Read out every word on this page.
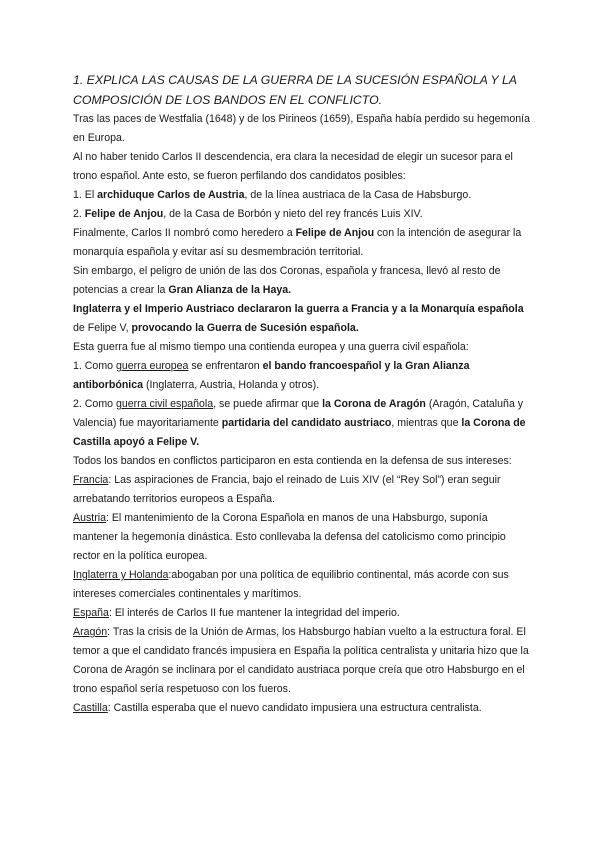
1. EXPLICA LAS CAUSAS DE LA GUERRA DE LA SUCESIÓN ESPAÑOLA Y LA COMPOSICIÓN DE LOS BANDOS EN EL CONFLICTO.

Tras las paces de Westfalia (1648) y de los Pirineos (1659), España había perdido su hegemonía en Europa.

Al no haber tenido Carlos II descendencia, era clara la necesidad de elegir un sucesor para el trono español. Ante esto, se fueron perfilando dos candidatos posibles:

1. El archiduque Carlos de Austria, de la línea austriaca de la Casa de Habsburgo.

2. Felipe de Anjou, de la Casa de Borbón y nieto del rey francés Luis XIV.

Finalmente, Carlos II nombró como heredero a Felipe de Anjou con la intención de asegurar la monarquía española y evitar así su desmembración territorial.

Sin embargo, el peligro de unión de las dos Coronas, española y francesa, llevó al resto de potencias a crear la Gran Alianza de la Haya.

Inglaterra y el Imperio Austriaco declararon la guerra a Francia y a la Monarquía española de Felipe V, provocando la Guerra de Sucesión española.

Esta guerra fue al mismo tiempo una contienda europea y una guerra civil española:

1. Como guerra europea se enfrentaron el bando francoespañol y la Gran Alianza antiborbónica (Inglaterra, Austria, Holanda y otros).

2. Como guerra civil española, se puede afirmar que la Corona de Aragón (Aragón, Cataluña y Valencia) fue mayoritariamente partidaria del candidato austriaco, mientras que la Corona de Castilla apoyó a Felipe V.

Todos los bandos en conflictos participaron en esta contienda en la defensa de sus intereses:

Francia: Las aspiraciones de Francia, bajo el reinado de Luis XIV (el “Rey Sol”) eran seguir arrebatando territorios europeos a España.

Austria: El mantenimiento de la Corona Española en manos de una Habsburgo, suponía mantener la hegemonía dinástica. Esto conllevaba la defensa del catolicismo como principio rector en la política europea.

Inglaterra y Holanda:abogaban por una política de equilibrio continental, más acorde con sus intereses comerciales continentales y marítimos.

España: El interés de Carlos II fue mantener la integridad del imperio.

Aragón: Tras la crisis de la Unión de Armas, los Habsburgo habían vuelto a la estructura foral. El temor a que el candidato francés impusiera en España la política centralista y unitaria hizo que la Corona de Aragón se inclinara por el candidato austriaca porque creía que otro Habsburgo en el trono español sería respetuoso con los fueros.

Castilla: Castilla esperaba que el nuevo candidato impusiera una estructura centralista.
